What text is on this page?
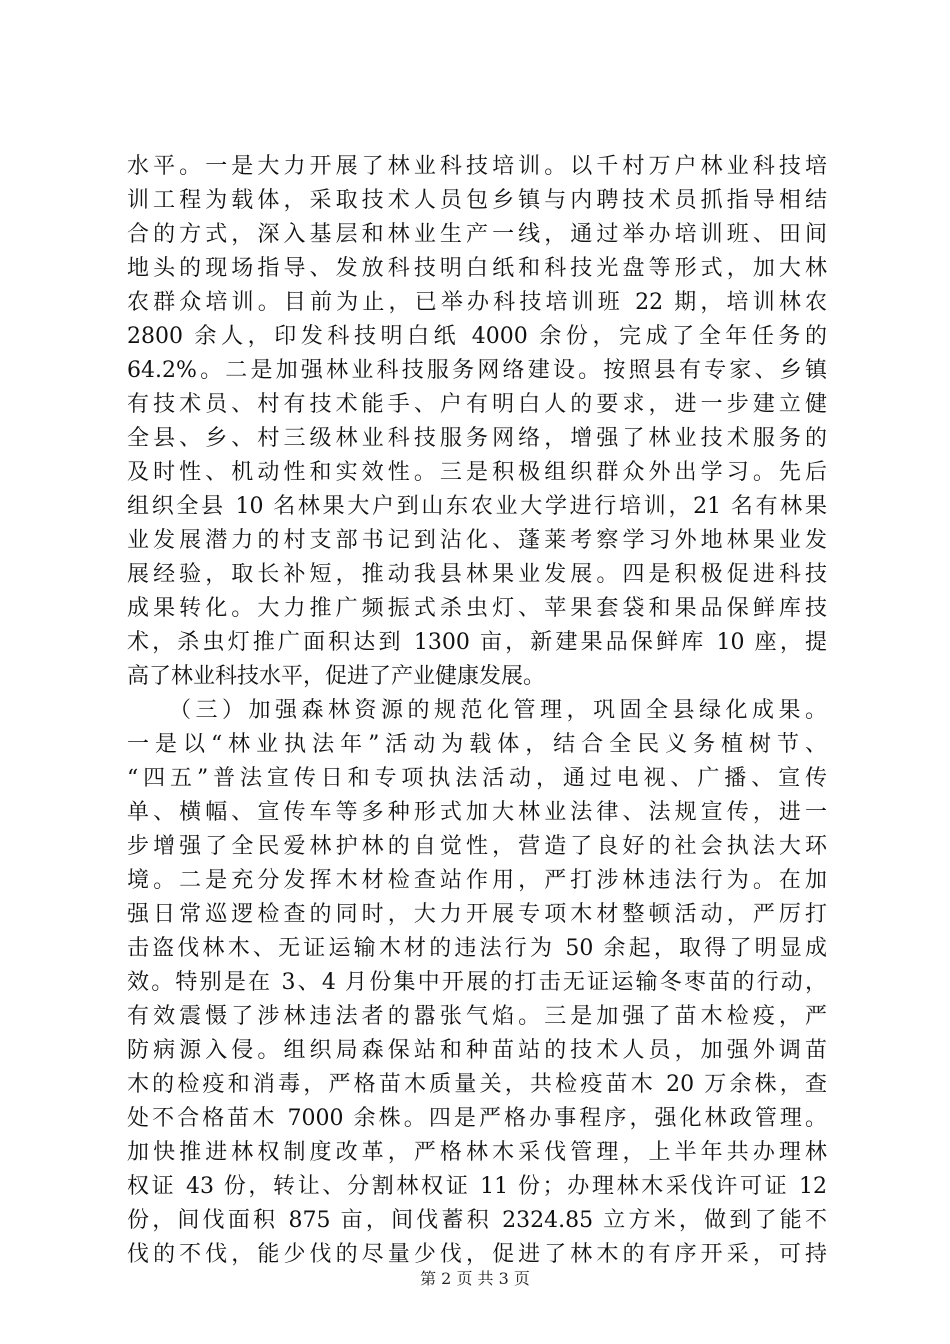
水平。一是大力开展了林业科技培训。以千村万户林业科技培
训工程为载体，采取技术人员包乡镇与内聘技术员抓指导相结
合的方式，深入基层和林业生产一线，通过举办培训班、田间
地头的现场指导、发放科技明白纸和科技光盘等形式，加大林
农群众培训。目前为止，已举办科技培训班 22 期，培训林农
2800 余人，印发科技明白纸 4000 余份，完成了全年任务的
64.2%。二是加强林业科技服务网络建设。按照县有专家、乡镇
有技术员、村有技术能手、户有明白人的要求，进一步建立健
全县、乡、村三级林业科技服务网络，增强了林业技术服务的
及时性、机动性和实效性。三是积极组织群众外出学习。先后
组织全县 10 名林果大户到山东农业大学进行培训，21 名有林果
业发展潜力的村支部书记到沾化、蓬莱考察学习外地林果业发
展经验，取长补短，推动我县林果业发展。四是积极促进科技
成果转化。大力推广频振式杀虫灯、苹果套袋和果品保鲜库技
术，杀虫灯推广面积达到 1300 亩，新建果品保鲜库 10 座，提
高了林业科技水平，促进了产业健康发展。
　　（三）加强森林资源的规范化管理，巩固全县绿化成果。
一是以“林业执法年”活动为载体，结合全民义务植树节、
“四五”普法宣传日和专项执法活动，通过电视、广播、宣传
单、横幅、宣传车等多种形式加大林业法律、法规宣传，进一
步增强了全民爱林护林的自觉性，营造了良好的社会执法大环
境。二是充分发挥木材检查站作用，严打涉林违法行为。在加
强日常巡逻检查的同时，大力开展专项木材整顿活动，严厉打
击盗伐林木、无证运输木材的违法行为 50 余起，取得了明显成
效。特别是在 3、4 月份集中开展的打击无证运输冬枣苗的行动，
有效震慑了涉林违法者的嚣张气焰。三是加强了苗木检疫，严
防病源入侵。组织局森保站和种苗站的技术人员，加强外调苗
木的检疫和消毒，严格苗木质量关，共检疫苗木 20 万余株，查
处不合格苗木 7000 余株。四是严格办事程序，强化林政管理。
加快推进林权制度改革，严格林木采伐管理，上半年共办理林
权证 43 份，转让、分割林权证 11 份；办理林木采伐许可证 12
份，间伐面积 875 亩，间伐蓄积 2324.85 立方米，做到了能不
伐的不伐，能少伐的尽量少伐，促进了林木的有序开采，可持
第 2 页 共 3 页
